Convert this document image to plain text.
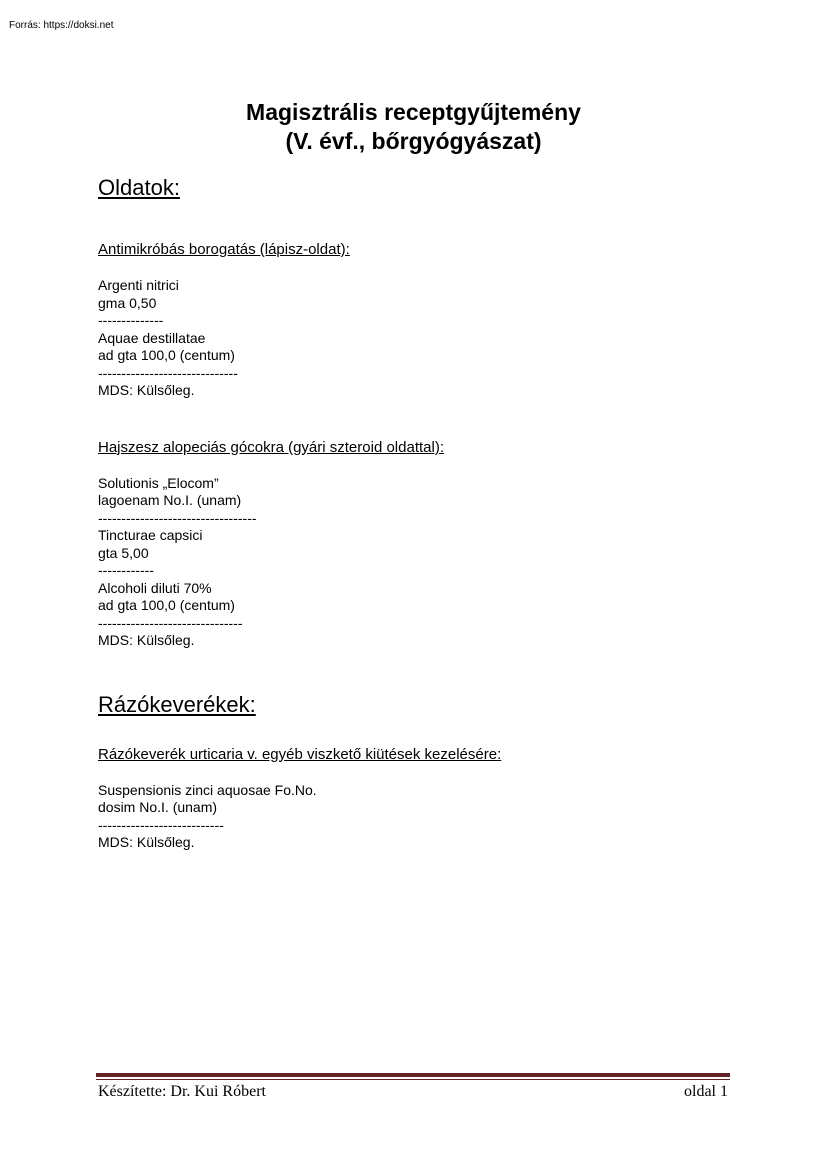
Forrás: https://doksi.net
Magisztrális receptgyűjtemény
(V. évf., bőrgyógyászat)
Oldatok:
Antimikróbás borogatás (lápisz-oldat):
Argenti nitrici
gma 0,50
--------------
Aquae destillatae
ad gta 100,0 (centum)
------------------------------
MDS: Külsőleg.
Hajszesz alopeciás gócokra (gyári szteroid oldattal):
Solutionis „Elocom”
lagoenam No.I. (unam)
----------------------------------
Tincturae capsici
gta 5,00
------------
Alcoholi diluti 70%
ad gta 100,0 (centum)
-------------------------------
MDS: Külsőleg.
Rázókeverékek:
Rázókeverék urticaria v. egyéb viszkető kiütések kezelésére:
Suspensionis zinci aquosae Fo.No.
dosim No.I. (unam)
---------------------------
MDS: Külsőleg.
Készítette: Dr. Kui Róbert	oldal 1
